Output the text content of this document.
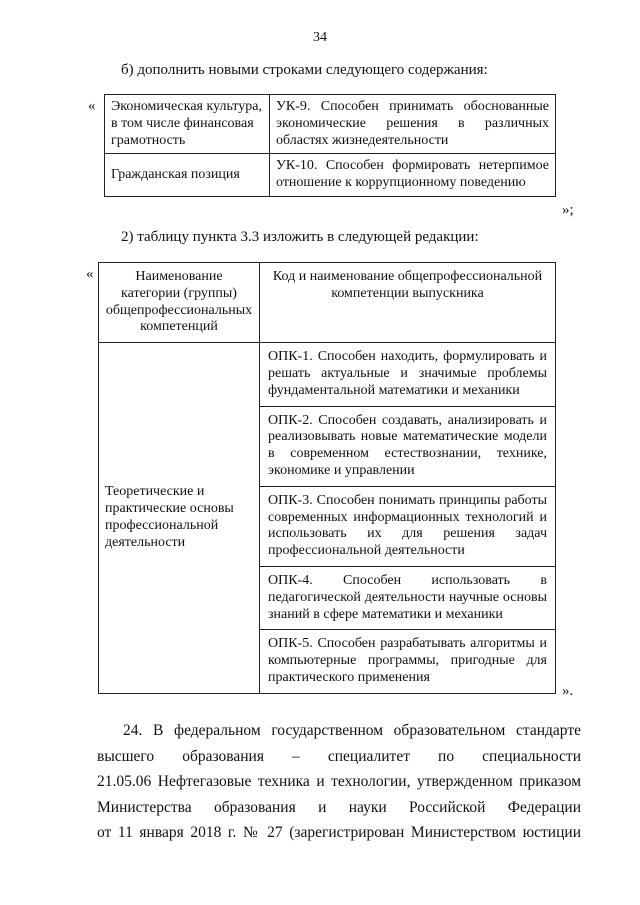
34
б) дополнить новыми строками следующего содержания:
« Экономическая культура, в том числе финансовая грамотность	УК-9. Способен принимать обоснованные экономические решения в различных областях жизнедеятельности
Гражданская позиция	УК-10. Способен формировать нетерпимое отношение к коррупционному поведению
»;
2) таблицу пункта 3.3 изложить в следующей редакции:
«	Наименование категории (группы) общепрофессиональных компетенций	Код и наименование общепрофессиональной компетенции выпускника
Теоретические и практические основы профессиональной деятельности	ОПК-1. Способен находить, формулировать и решать актуальные и значимые проблемы фундаментальной математики и механики
	ОПК-2. Способен создавать, анализировать и реализовывать новые математические модели в современном естествознании, технике, экономике и управлении
	ОПК-3. Способен понимать принципы работы современных информационных технологий и использовать их для решения задач профессиональной деятельности
	ОПК-4. Способен использовать в педагогической деятельности научные основы знаний в сфере математики и механики
	ОПК-5. Способен разрабатывать алгоритмы и компьютерные программы, пригодные для практического применения
».
24. В федеральном государственном образовательном стандарте
высшего образования – специалитет по специальности
21.05.06 Нефтегазовые техника и технологии, утвержденном приказом
Министерства образования и науки Российской Федерации
от 11 января 2018 г. № 27 (зарегистрирован Министерством юстиции
